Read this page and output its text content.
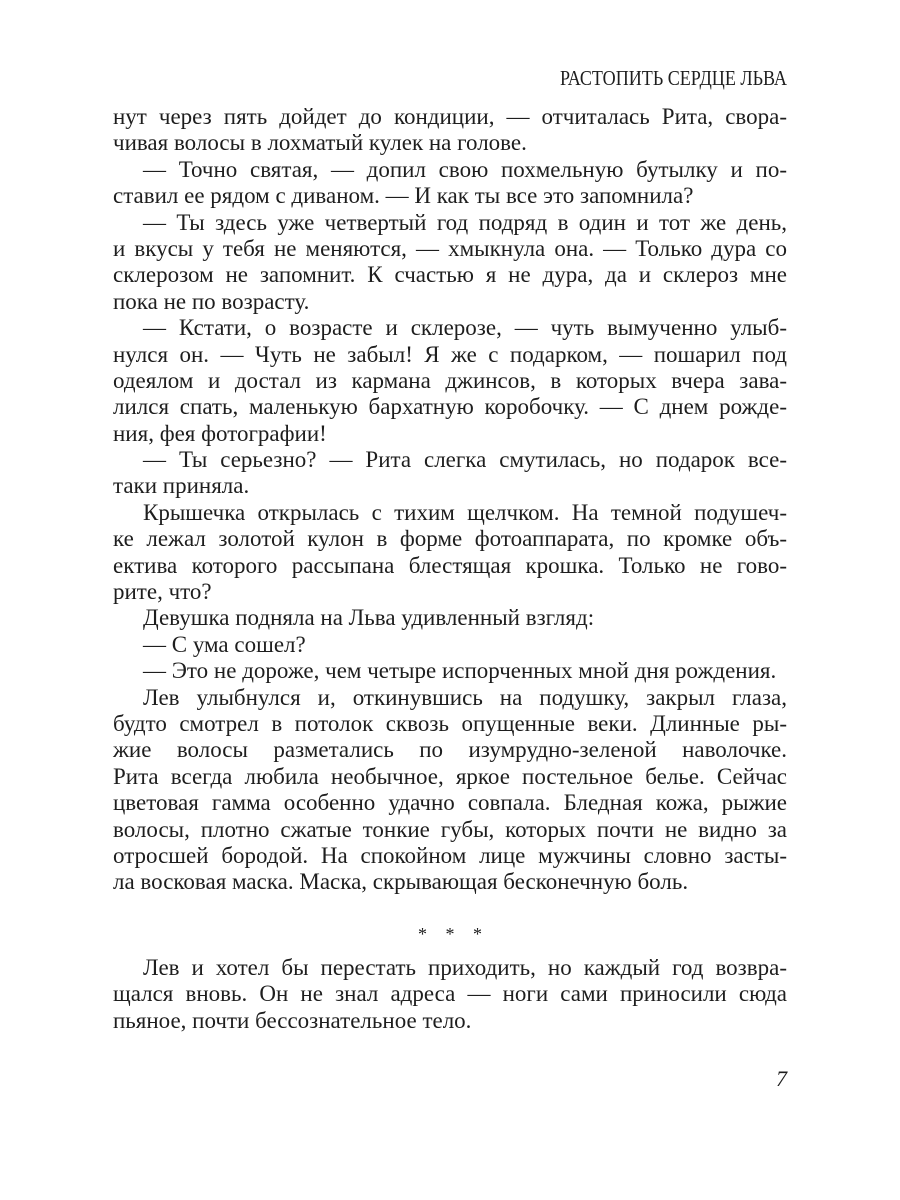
РАСТОПИТЬ СЕРДЦЕ ЛЬВА
нут через пять дойдет до кондиции, — отчиталась Рита, свора-
чивая волосы в лохматый кулек на голове.
— Точно святая, — допил свою похмельную бутылку и по-
ставил ее рядом с диваном. — И как ты все это запомнила?
— Ты здесь уже четвертый год подряд в один и тот же день,
и вкусы у тебя не меняются, — хмыкнула она. — Только дура со
склерозом не запомнит. К счастью я не дура, да и склероз мне
пока не по возрасту.
— Кстати, о возрасте и склерозе, — чуть вымученно улыб-
нулся он. — Чуть не забыл! Я же с подарком, — пошарил под
одеялом и достал из кармана джинсов, в которых вчера зава-
лился спать, маленькую бархатную коробочку. — С днем рожде-
ния, фея фотографии!
— Ты серьезно? — Рита слегка смутилась, но подарок все-
таки приняла.
Крышечка открылась с тихим щелчком. На темной подушеч-
ке лежал золотой кулон в форме фотоаппарата, по кромке объ-
ектива которого рассыпана блестящая крошка. Только не гово-
рите, что?
Девушка подняла на Льва удивленный взгляд:
— С ума сошел?
— Это не дороже, чем четыре испорченных мной дня рождения.
Лев улыбнулся и, откинувшись на подушку, закрыл глаза,
будто смотрел в потолок сквозь опущенные веки. Длинные ры-
жие волосы разметались по изумрудно-зеленой наволочке.
Рита всегда любила необычное, яркое постельное белье. Сейчас
цветовая гамма особенно удачно совпала. Бледная кожа, рыжие
волосы, плотно сжатые тонкие губы, которых почти не видно за
отросшей бородой. На спокойном лице мужчины словно засты-
ла восковая маска. Маска, скрывающая бесконечную боль.
* * *
Лев и хотел бы перестать приходить, но каждый год возвра-
щался вновь. Он не знал адреса — ноги сами приносили сюда
пьяное, почти бессознательное тело.
7
